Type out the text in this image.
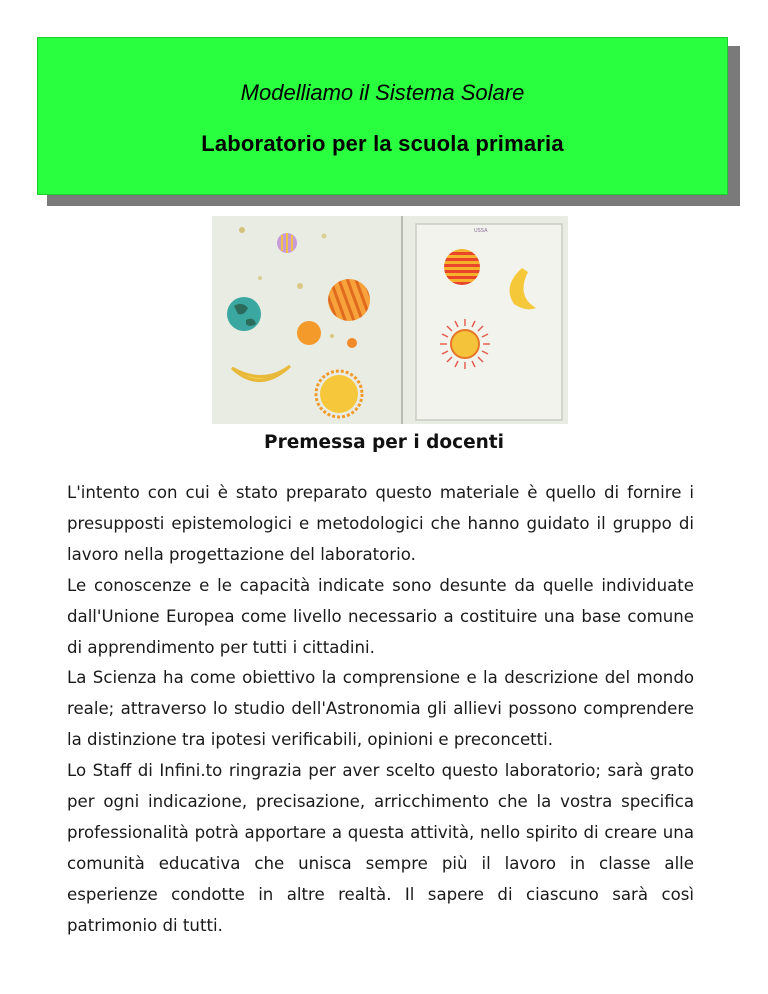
Modelliamo il Sistema Solare
Laboratorio per la scuola primaria
USSA
Premessa per i docenti

L'intento con cui è stato preparato questo materiale è quello di fornire i presupposti epistemologici e metodologici che hanno guidato il gruppo di lavoro nella progettazione del laboratorio.

Le conoscenze e le capacità indicate sono desunte da quelle individuate dall'Unione Europea come livello necessario a costituire una base comune di apprendimento per tutti i cittadini.

La Scienza ha come obiettivo la comprensione e la descrizione del mondo reale; attraverso lo studio dell'Astronomia gli allievi possono comprendere la distinzione tra ipotesi verificabili, opinioni e preconcetti.

Lo Staff di Infini.to ringrazia per aver scelto questo laboratorio; sarà grato per ogni indicazione, precisazione, arricchimento che la vostra specifica professionalità potrà apportare a questa attività, nello spirito di creare una comunità educativa che unisca sempre più il lavoro in classe alle esperienze condotte in altre realtà. Il sapere di ciascuno sarà così patrimonio di tutti.
